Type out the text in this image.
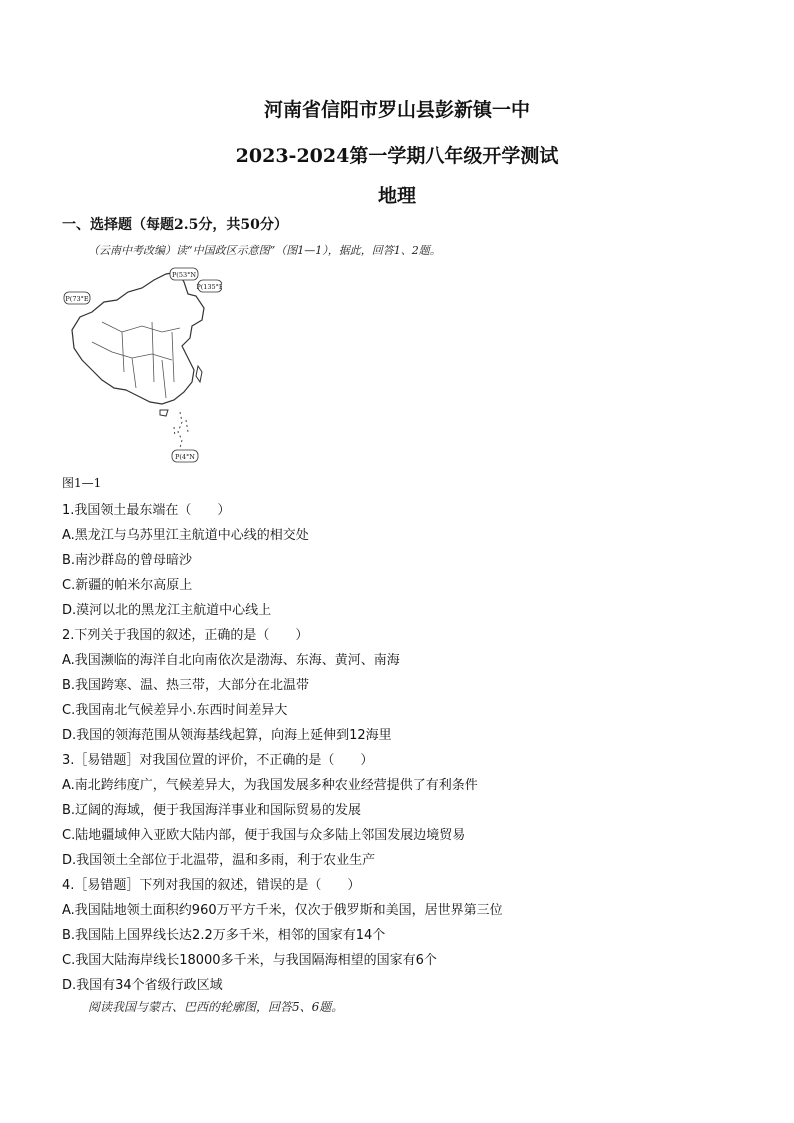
河南省信阳市罗山县彭新镇一中
2023-2024第一学期八年级开学测试
地理
一、选择题（每题2.5分，共50分）
（云南中考改编）读“中国政区示意图”（图1—1），据此，回答1、2题。
P(53°N
P(135°E
P(73°E
P(4°N
图1—1
1.我国领土最东端在（　　）
A.黑龙江与乌苏里江主航道中心线的相交处
B.南沙群岛的曾母暗沙
C.新疆的帕米尔高原上
D.漠河以北的黑龙江主航道中心线上
2.下列关于我国的叙述，正确的是（　　）
A.我国濒临的海洋自北向南依次是渤海、东海、黄河、南海
B.我国跨寒、温、热三带，大部分在北温带
C.我国南北气候差异小.东西时间差异大
D.我国的领海范围从领海基线起算，向海上延伸到12海里
3.［易错题］对我国位置的评价，不正确的是（　　）
A.南北跨纬度广，气候差异大，为我国发展多种农业经营提供了有利条件
B.辽阔的海域，便于我国海洋事业和国际贸易的发展
C.陆地疆域伸入亚欧大陆内部，便于我国与众多陆上邻国发展边境贸易
D.我国领土全部位于北温带，温和多雨，利于农业生产
4.［易错题］下列对我国的叙述，错误的是（　　）
A.我国陆地领土面积约960万平方千米，仅次于俄罗斯和美国，居世界第三位
B.我国陆上国界线长达2.2万多千米，相邻的国家有14个
C.我国大陆海岸线长18000多千米，与我国隔海相望的国家有6个
D.我国有34个省级行政区域
阅读我国与蒙古、巴西的轮廓图，回答5、6题。
